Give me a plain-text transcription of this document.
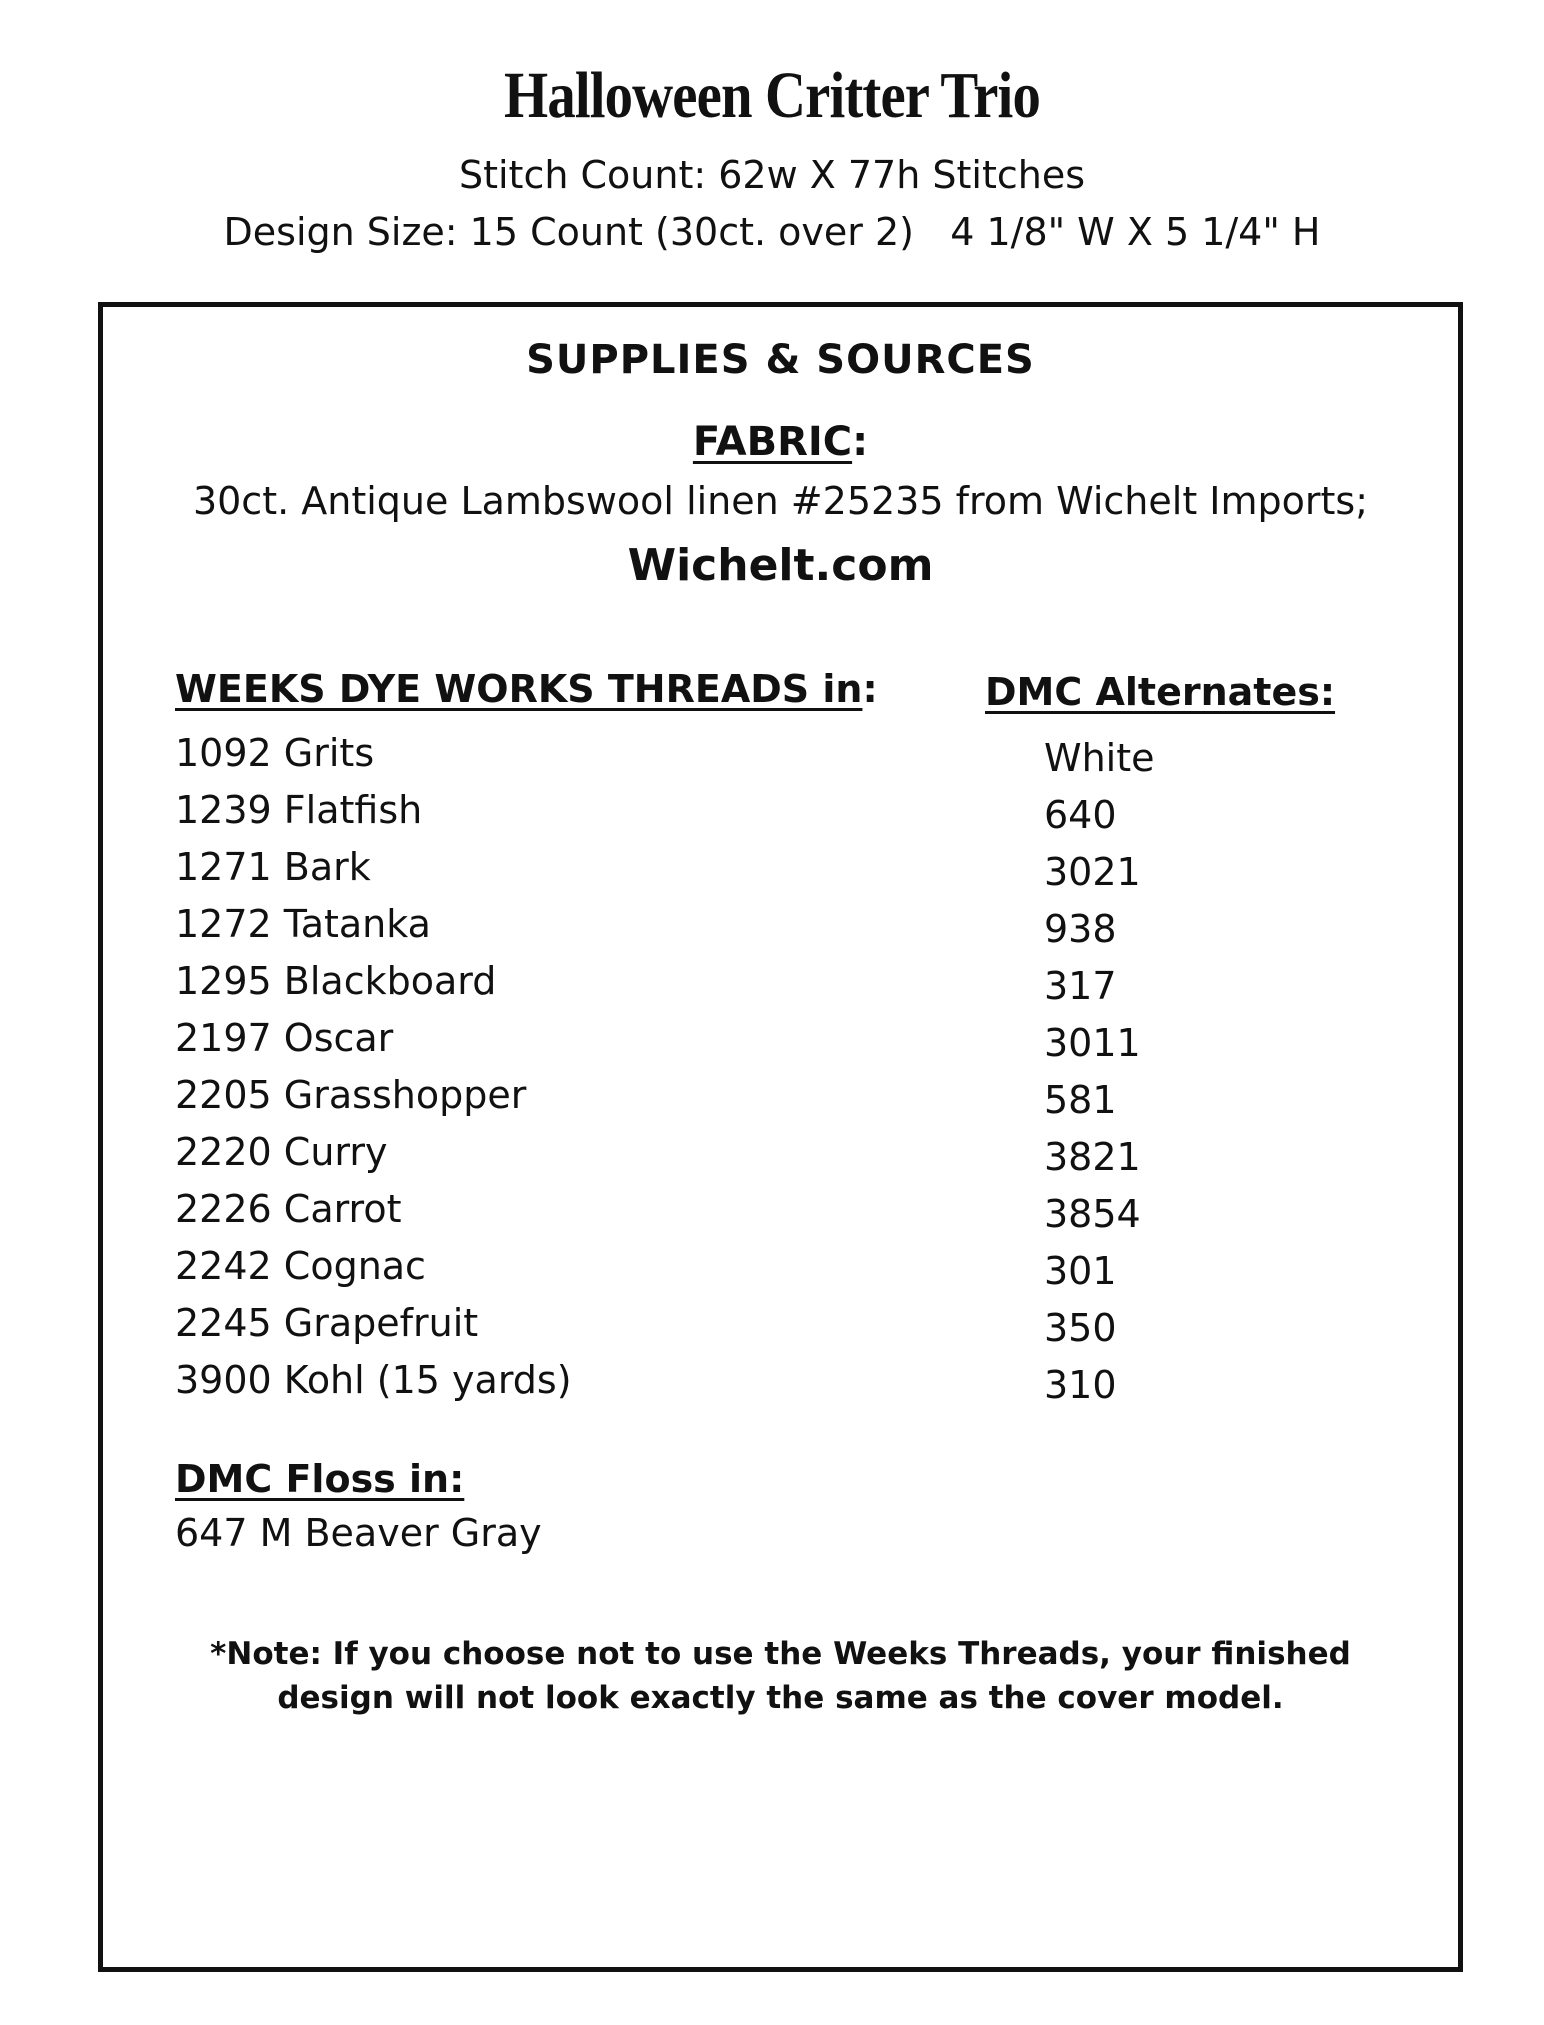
Halloween Critter Trio
Stitch Count: 62w X 77h Stitches
Design Size: 15 Count (30ct. over 2)   4 1/8" W X 5 1/4" H
SUPPLIES & SOURCES
FABRIC:
30ct. Antique Lambswool linen #25235 from Wichelt Imports;
Wichelt.com
WEEKS DYE WORKS THREADS in:	DMC Alternates:
1092 Grits
1239 Flatfish
1271 Bark
1272 Tatanka
1295 Blackboard
2197 Oscar
2205 Grasshopper
2220 Curry
2226 Carrot
2242 Cognac
2245 Grapefruit
3900 Kohl (15 yards)
White
640
3021
938
317
3011
581
3821
3854
301
350
310
DMC Floss in:
647 M Beaver Gray
*Note: If you choose not to use the Weeks Threads, your finished
design will not look exactly the same as the cover model.
